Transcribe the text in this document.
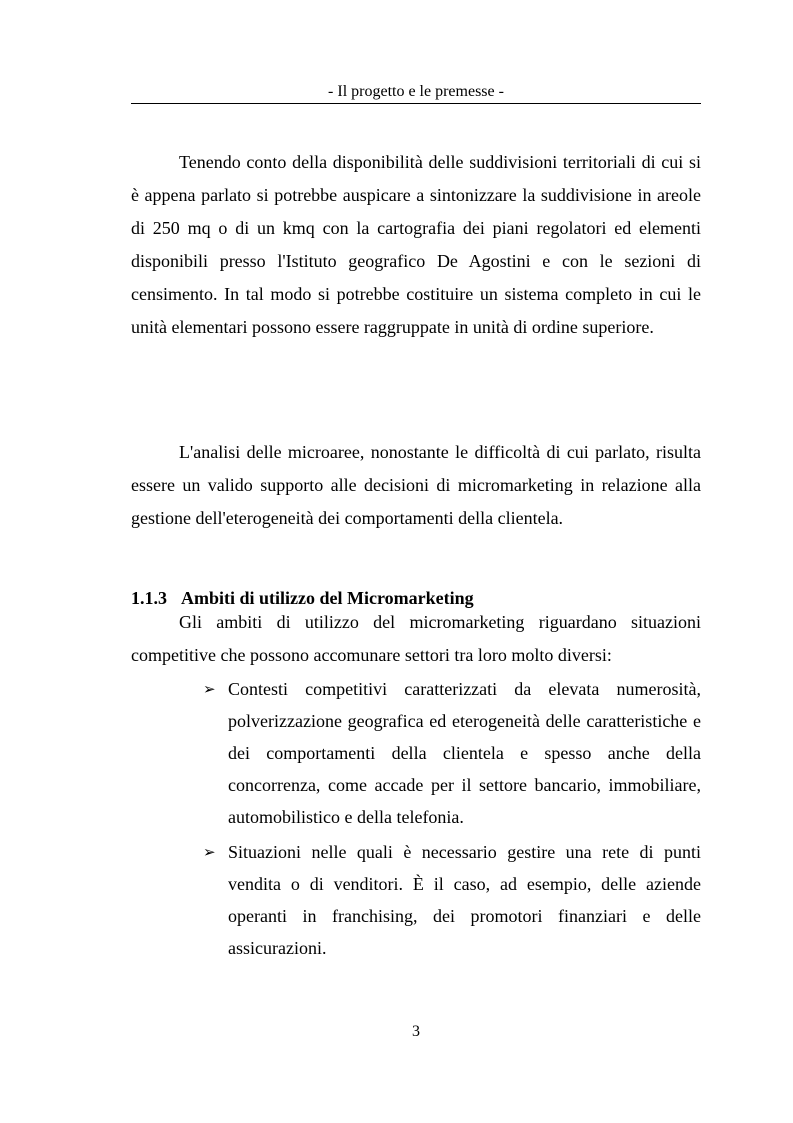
- Il progetto e le premesse -

Tenendo conto della disponibilità delle suddivisioni territoriali di cui si è appena parlato si potrebbe auspicare a sintonizzare la suddivisione in areole di 250 mq o di un kmq con la cartografia dei piani regolatori ed elementi disponibili presso l'Istituto geografico De Agostini e con le sezioni di censimento. In tal modo si potrebbe costituire un sistema completo in cui le unità elementari possono essere raggruppate in unità di ordine superiore.

L'analisi delle microaree, nonostante le difficoltà di cui parlato, risulta essere un valido supporto alle decisioni di micromarketing in relazione alla gestione dell'eterogeneità dei comportamenti della clientela.

1.1.3 Ambiti di utilizzo del Micromarketing

Gli ambiti di utilizzo del micromarketing riguardano situazioni competitive che possono accomunare settori tra loro molto diversi:

➢ Contesti competitivi caratterizzati da elevata numerosità, polverizzazione geografica ed eterogeneità delle caratteristiche e dei comportamenti della clientela e spesso anche della concorrenza, come accade per il settore bancario, immobiliare, automobilistico e della telefonia.
➢ Situazioni nelle quali è necessario gestire una rete di punti vendita o di venditori. È il caso, ad esempio, delle aziende operanti in franchising, dei promotori finanziari e delle assicurazioni.
3
